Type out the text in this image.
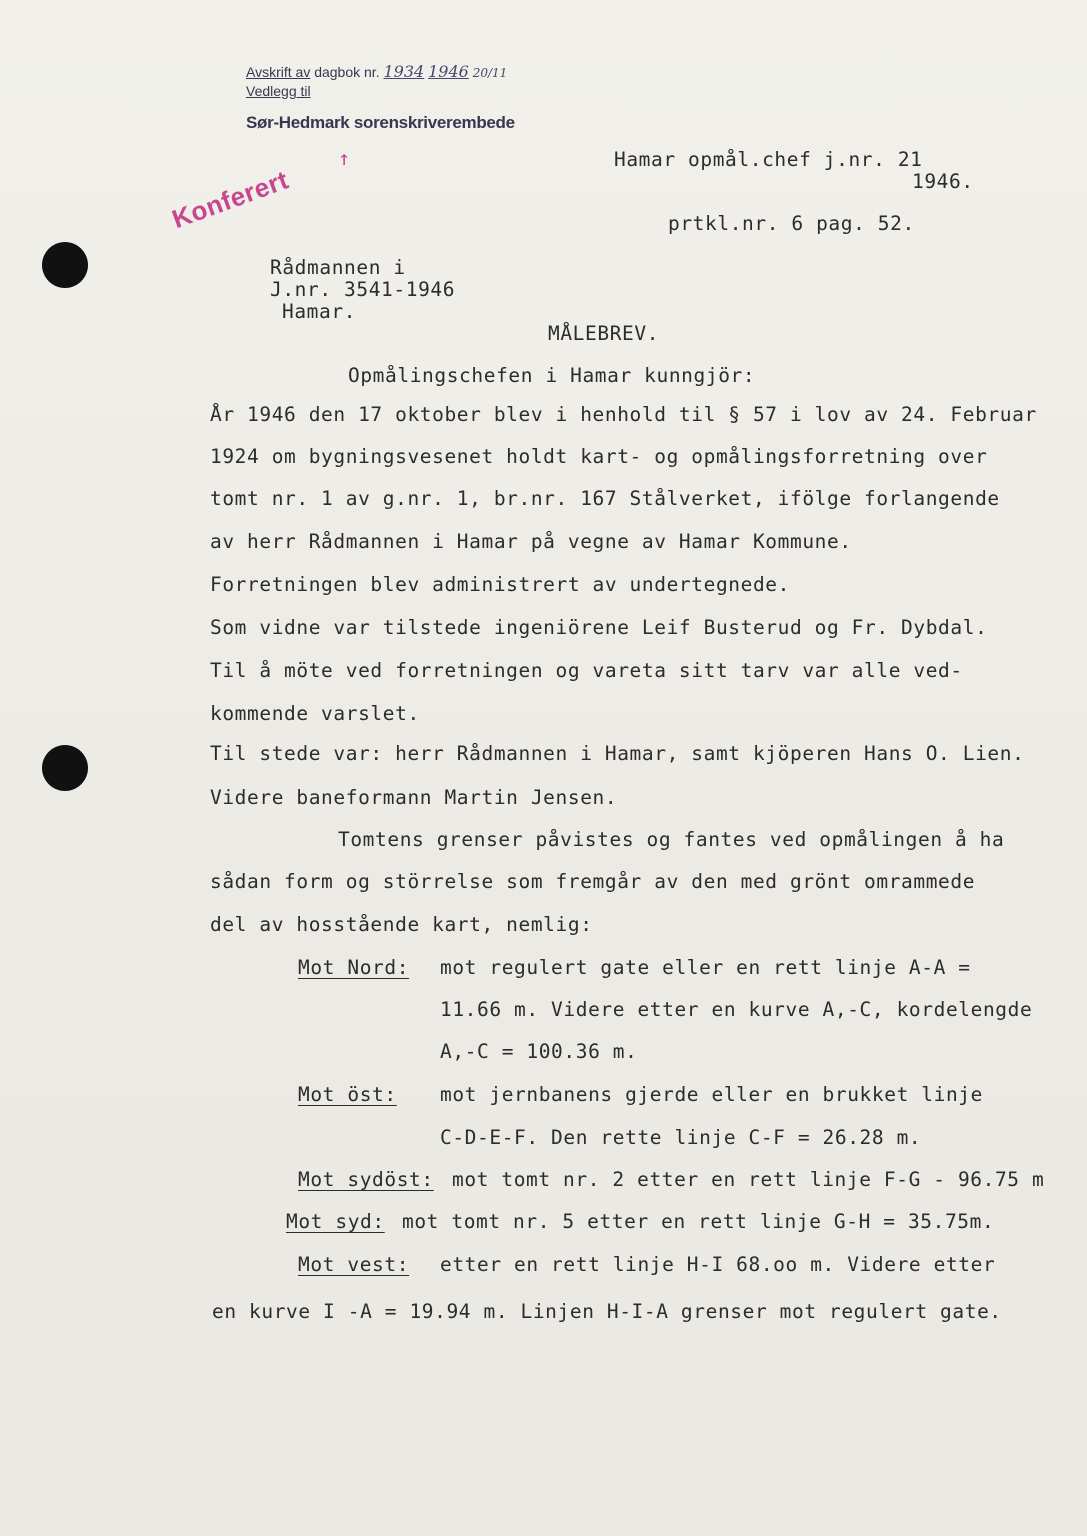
Avskrift av dagbok nr. 1934 1946 20/11
Vedlegg til
Sør-Hedmark sorenskriverembede
Konferert
↑	Hamar opmål.chef j.nr. 21
1946.
prtkl.nr. 6 pag. 52.
Rådmannen i
J.nr. 3541-1946
Hamar.
MÅLEBREV.
Opmålingschefen i Hamar kunngjör:
År 1946 den 17 oktober blev i henhold til § 57 i lov av 24. Februar
1924 om bygningsvesenet holdt kart- og opmålingsforretning over
tomt nr. 1 av g.nr. 1, br.nr. 167 Stålverket, ifölge forlangende
av herr Rådmannen i Hamar på vegne av Hamar Kommune.
Forretningen blev administrert av undertegnede.
Som vidne var tilstede ingeniörene Leif Busterud og Fr. Dybdal.
Til å möte ved forretningen og vareta sitt tarv var alle ved-
kommende varslet.
Til stede var: herr Rådmannen i Hamar, samt kjöperen Hans O. Lien.
Videre baneformann Martin Jensen.
Tomtens grenser påvistes og fantes ved opmålingen å ha
sådan form og störrelse som fremgår av den med grönt omrammede
del av hosstående kart, nemlig:
Mot Nord: mot regulert gate eller en rett linje A-A =
11.66 m. Videre etter en kurve A,-C, kordelengde
A,-C = 100.36 m.
Mot öst: mot jernbanens gjerde eller en brukket linje
C-D-E-F. Den rette linje C-F = 26.28 m.
Mot sydöst: mot tomt nr. 2 etter en rett linje F-G - 96.75 m
Mot syd: mot tomt nr. 5 etter en rett linje G-H = 35.75m.
Mot vest: etter en rett linje H-I 68.oo m. Videre etter
en kurve I -A = 19.94 m. Linjen H-I-A grenser mot regulert gate.
